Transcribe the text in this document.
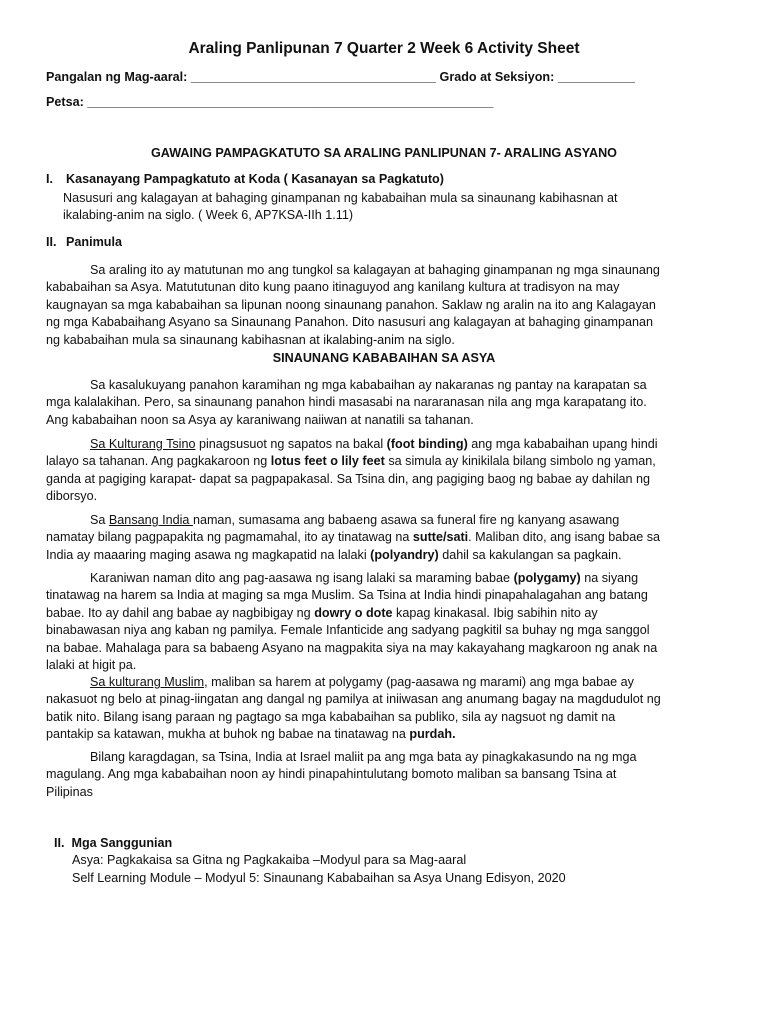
Araling Panlipunan 7 Quarter 2 Week 6 Activity Sheet
Pangalan ng Mag-aaral: ___________________________________ Grado at Seksiyon: ___________
Petsa: __________________________________________________________
GAWAING PAMPAGKATUTO SA ARALING PANLIPUNAN 7- ARALING ASYANO
I. Kasanayang Pampagkatuto at Koda ( Kasanayan sa Pagkatuto)
Nasusuri ang kalagayan at bahaging ginampanan ng kababaihan mula sa sinaunang kabihasnan at
ikalabing-anim na siglo. ( Week 6, AP7KSA-IIh 1.11)
II. Panimula
Sa araling ito ay matutunan mo ang tungkol sa kalagayan at bahaging ginampanan ng mga sinaunang
kababaihan sa Asya. Matututunan dito kung paano itinaguyod ang kanilang kultura at tradisyon na may
kaugnayan sa mga kababaihan sa lipunan noong sinaunang panahon. Saklaw ng aralin na ito ang Kalagayan
ng mga Kababaihang Asyano sa Sinaunang Panahon. Dito nasusuri ang kalagayan at bahaging ginampanan
ng kababaihan mula sa sinaunang kabihasnan at ikalabing-anim na siglo.
SINAUNANG KABABAIHAN SA ASYA
Sa kasalukuyang panahon karamihan ng mga kababaihan ay nakaranas ng pantay na karapatan sa
mga kalalakihan. Pero, sa sinaunang panahon hindi masasabi na nararanasan nila ang mga karapatang ito.
Ang kababaihan noon sa Asya ay karaniwang naiiwan at nanatili sa tahanan.
Sa Kulturang Tsino pinagsusuot ng sapatos na bakal (foot binding) ang mga kababaihan upang hindi
lalayo sa tahanan. Ang pagkakaroon ng lotus feet o lily feet sa simula ay kinikilala bilang simbolo ng yaman,
ganda at pagiging karapat- dapat sa pagpapakasal. Sa Tsina din, ang pagiging baog ng babae ay dahilan ng
diborsyo.
Sa Bansang India naman, sumasama ang babaeng asawa sa funeral fire ng kanyang asawang
namatay bilang pagpapakita ng pagmamahal, ito ay tinatawag na sutte/sati. Maliban dito, ang isang babae sa
India ay maaaring maging asawa ng magkapatid na lalaki (polyandry) dahil sa kakulangan sa pagkain.
Karaniwan naman dito ang pag-aasawa ng isang lalaki sa maraming babae (polygamy) na siyang
tinatawag na harem sa India at maging sa mga Muslim. Sa Tsina at India hindi pinapahalagahan ang batang
babae. Ito ay dahil ang babae ay nagbibigay ng dowry o dote kapag kinakasal. Ibig sabihin nito ay
binabawasan niya ang kaban ng pamilya. Female Infanticide ang sadyang pagkitil sa buhay ng mga sanggol
na babae. Mahalaga para sa babaeng Asyano na magpakita siya na may kakayahang magkaroon ng anak na
lalaki at higit pa.
Sa kulturang Muslim, maliban sa harem at polygamy (pag-aasawa ng marami) ang mga babae ay
nakasuot ng belo at pinag-iingatan ang dangal ng pamilya at iniiwasan ang anumang bagay na magdudulot ng
batik nito. Bilang isang paraan ng pagtago sa mga kababaihan sa publiko, sila ay nagsuot ng damit na
pantakip sa katawan, mukha at buhok ng babae na tinatawag na purdah.
Bilang karagdagan, sa Tsina, India at Israel maliit pa ang mga bata ay pinagkakasundo na ng mga
magulang. Ang mga kababaihan noon ay hindi pinapahintulutang bomoto maliban sa bansang Tsina at
Pilipinas
II. Mga Sanggunian
Asya: Pagkakaisa sa Gitna ng Pagkakaiba –Modyul para sa Mag-aaral
Self Learning Module – Modyul 5: Sinaunang Kababaihan sa Asya Unang Edisyon, 2020
